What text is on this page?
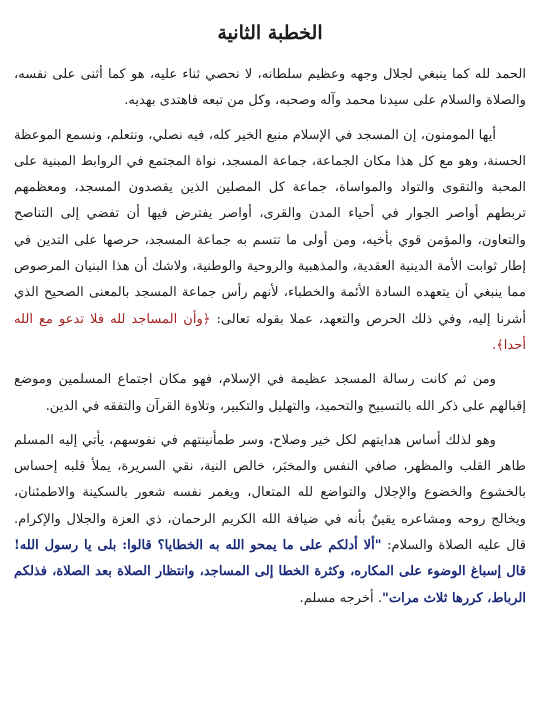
الخطبة الثانية

الحمد لله كما ينبغي لجلال وجهه وعظيم سلطانه، لا نحصي ثناء عليه، هو كما أثنى على نفسه، والصلاة والسلام على سيدنا محمد وآله وصحبه، وكل من تبعه فاهتدى بهديه.

أيها المومنون، إن المسجد في الإسلام منبع الخير كله، فيه نصلي، ونتعلم، ونسمع الموعظة الحسنة، وهو مع كل هذا مكان الجماعة، جماعة المسجد، نواة المجتمع في الروابط المبنية على المحبة والتقوى والتواد والمواساة، جماعة كل المصلين الذين يقصدون المسجد، ومعظمهم تربطهم أواصر الجوار في أحياء المدن والقرى، أواصر يفترض فيها أن تفضي إلى التناصح والتعاون، والمؤمن قوي بأخيه، ومن أولى ما تتسم به جماعة المسجد، حرصها على التدين في إطار ثوابت الأمة الدينية العقدية، والمذهبية والروحية والوطنية، ولاشك أن هذا البنيان المرصوص مما ينبغي أن يتعهده السادة الأئمة والخطباء، لأنهم رأس جماعة المسجد بالمعنى الصحيح الذي أشرنا إليه، وفي ذلك الحرص والتعهد، عملا بقوله تعالى: ﴿وأن المساجد لله فلا تدعو مع الله أحدا﴾.

ومن ثم كانت رسالة المسجد عظيمة في الإسلام، فهو مكان اجتماع المسلمين وموضع إقبالهم على ذكر الله بالتسبيح والتحميد، والتهليل والتكبير، وتلاوة القرآن والتفقه في الدين.

وهو لذلك أساس هدايتهم لكل خير وصلاح، وسر طمأنينتهم في نفوسهم، يأتي إليه المسلم طاهر القلب والمظهر، صافي النفس والمخبَر، خالص النية، نقي السريرة، يملأ قلبه إحساس بالخشوع والخضوع والإجلال والتواضع لله المتعال، ويغمر نفسه شعور بالسكينة والاطمئنان، ويخالج روحه ومشاعره يقينٌ بأنه في ضيافة الله الكريم الرحمان، ذي العزة والجلال والإكرام. قال عليه الصلاة والسلام: "ألا أدلكم على ما يمحو الله به الخطايا؟ قالوا: بلى يا رسول الله! قال إسباغ الوضوء على المكاره، وكثرة الخطا إلى المساجد، وانتظار الصلاة بعد الصلاة، فذلكم الرباط، كررها ثلاث مرات". أخرجه مسلم.
